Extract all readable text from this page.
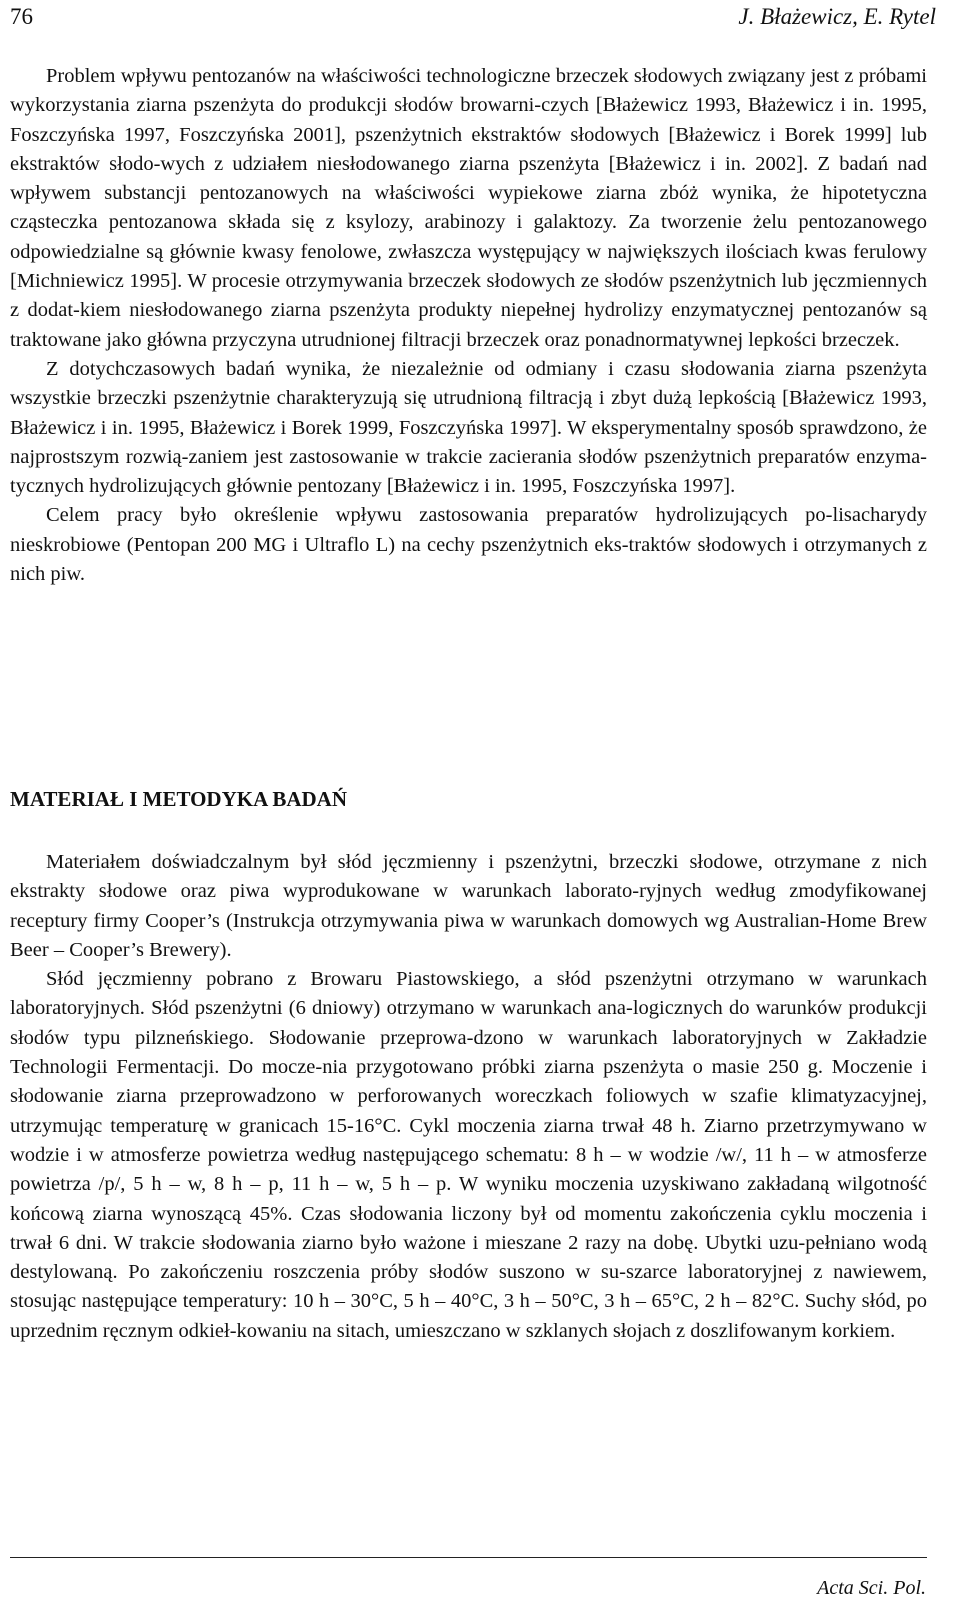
76	J. Błażewicz, E. Rytel

Problem wpływu pentozanów na właściwości technologiczne brzeczek słodowych związany jest z próbami wykorzystania ziarna pszenżyta do produkcji słodów browarni-czych [Błażewicz 1993, Błażewicz i in. 1995, Foszczyńska 1997, Foszczyńska 2001], pszenżytnich ekstraktów słodowych [Błażewicz i Borek 1999] lub ekstraktów słodo-wych z udziałem niesłodowanego ziarna pszenżyta [Błażewicz i in. 2002]. Z badań nad wpływem substancji pentozanowych na właściwości wypiekowe ziarna zbóż wynika, że hipotetyczna cząsteczka pentozanowa składa się z ksylozy, arabinozy i galaktozy. Za tworzenie żelu pentozanowego odpowiedzialne są głównie kwasy fenolowe, zwłaszcza występujący w największych ilościach kwas ferulowy [Michniewicz 1995]. W procesie otrzymywania brzeczek słodowych ze słodów pszenżytnich lub jęczmiennych z dodat-kiem niesłodowanego ziarna pszenżyta produkty niepełnej hydrolizy enzymatycznej pentozanów są traktowane jako główna przyczyna utrudnionej filtracji brzeczek oraz ponadnormatywnej lepkości brzeczek.

Z dotychczasowych badań wynika, że niezależnie od odmiany i czasu słodowania ziarna pszenżyta wszystkie brzeczki pszenżytnie charakteryzują się utrudnioną filtracją i zbyt dużą lepkością [Błażewicz 1993, Błażewicz i in. 1995, Błażewicz i Borek 1999, Foszczyńska 1997]. W eksperymentalny sposób sprawdzono, że najprostszym rozwią-zaniem jest zastosowanie w trakcie zacierania słodów pszenżytnich preparatów enzyma-tycznych hydrolizujących głównie pentozany [Błażewicz i in. 1995, Foszczyńska 1997].

Celem pracy było określenie wpływu zastosowania preparatów hydrolizujących po-lisacharydy nieskrobiowe (Pentopan 200 MG i Ultraflo L) na cechy pszenżytnich eks-traktów słodowych i otrzymanych z nich piw.

MATERIAŁ I METODYKA BADAŃ

Materiałem doświadczalnym był słód jęczmienny i pszenżytni, brzeczki słodowe, otrzymane z nich ekstrakty słodowe oraz piwa wyprodukowane w warunkach laborato-ryjnych według zmodyfikowanej receptury firmy Cooper’s (Instrukcja otrzymywania piwa w warunkach domowych wg Australian-Home Brew Beer – Cooper’s Brewery).

Słód jęczmienny pobrano z Browaru Piastowskiego, a słód pszenżytni otrzymano w warunkach laboratoryjnych. Słód pszenżytni (6 dniowy) otrzymano w warunkach ana-logicznych do warunków produkcji słodów typu pilzneńskiego. Słodowanie przeprowa-dzono w warunkach laboratoryjnych w Zakładzie Technologii Fermentacji. Do mocze-nia przygotowano próbki ziarna pszenżyta o masie 250 g. Moczenie i słodowanie ziarna przeprowadzono w perforowanych woreczkach foliowych w szafie klimatyzacyjnej, utrzymując temperaturę w granicach 15-16°C. Cykl moczenia ziarna trwał 48 h. Ziarno przetrzymywano w wodzie i w atmosferze powietrza według następującego schematu: 8 h – w wodzie /w/, 11 h – w atmosferze powietrza /p/, 5 h – w, 8 h – p, 11 h – w, 5 h – p. W wyniku moczenia uzyskiwano zakładaną wilgotność końcową ziarna wynoszącą 45%. Czas słodowania liczony był od momentu zakończenia cyklu moczenia i trwał 6 dni. W trakcie słodowania ziarno było ważone i mieszane 2 razy na dobę. Ubytki uzu-pełniano wodą destylowaną. Po zakończeniu roszczenia próby słodów suszono w su-szarce laboratoryjnej z nawiewem, stosując następujące temperatury: 10 h – 30°C, 5 h – 40°C, 3 h – 50°C, 3 h – 65°C, 2 h – 82°C. Suchy słód, po uprzednim ręcznym odkieł-kowaniu na sitach, umieszczano w szklanych słojach z doszlifowanym korkiem.

Acta Sci. Pol.
